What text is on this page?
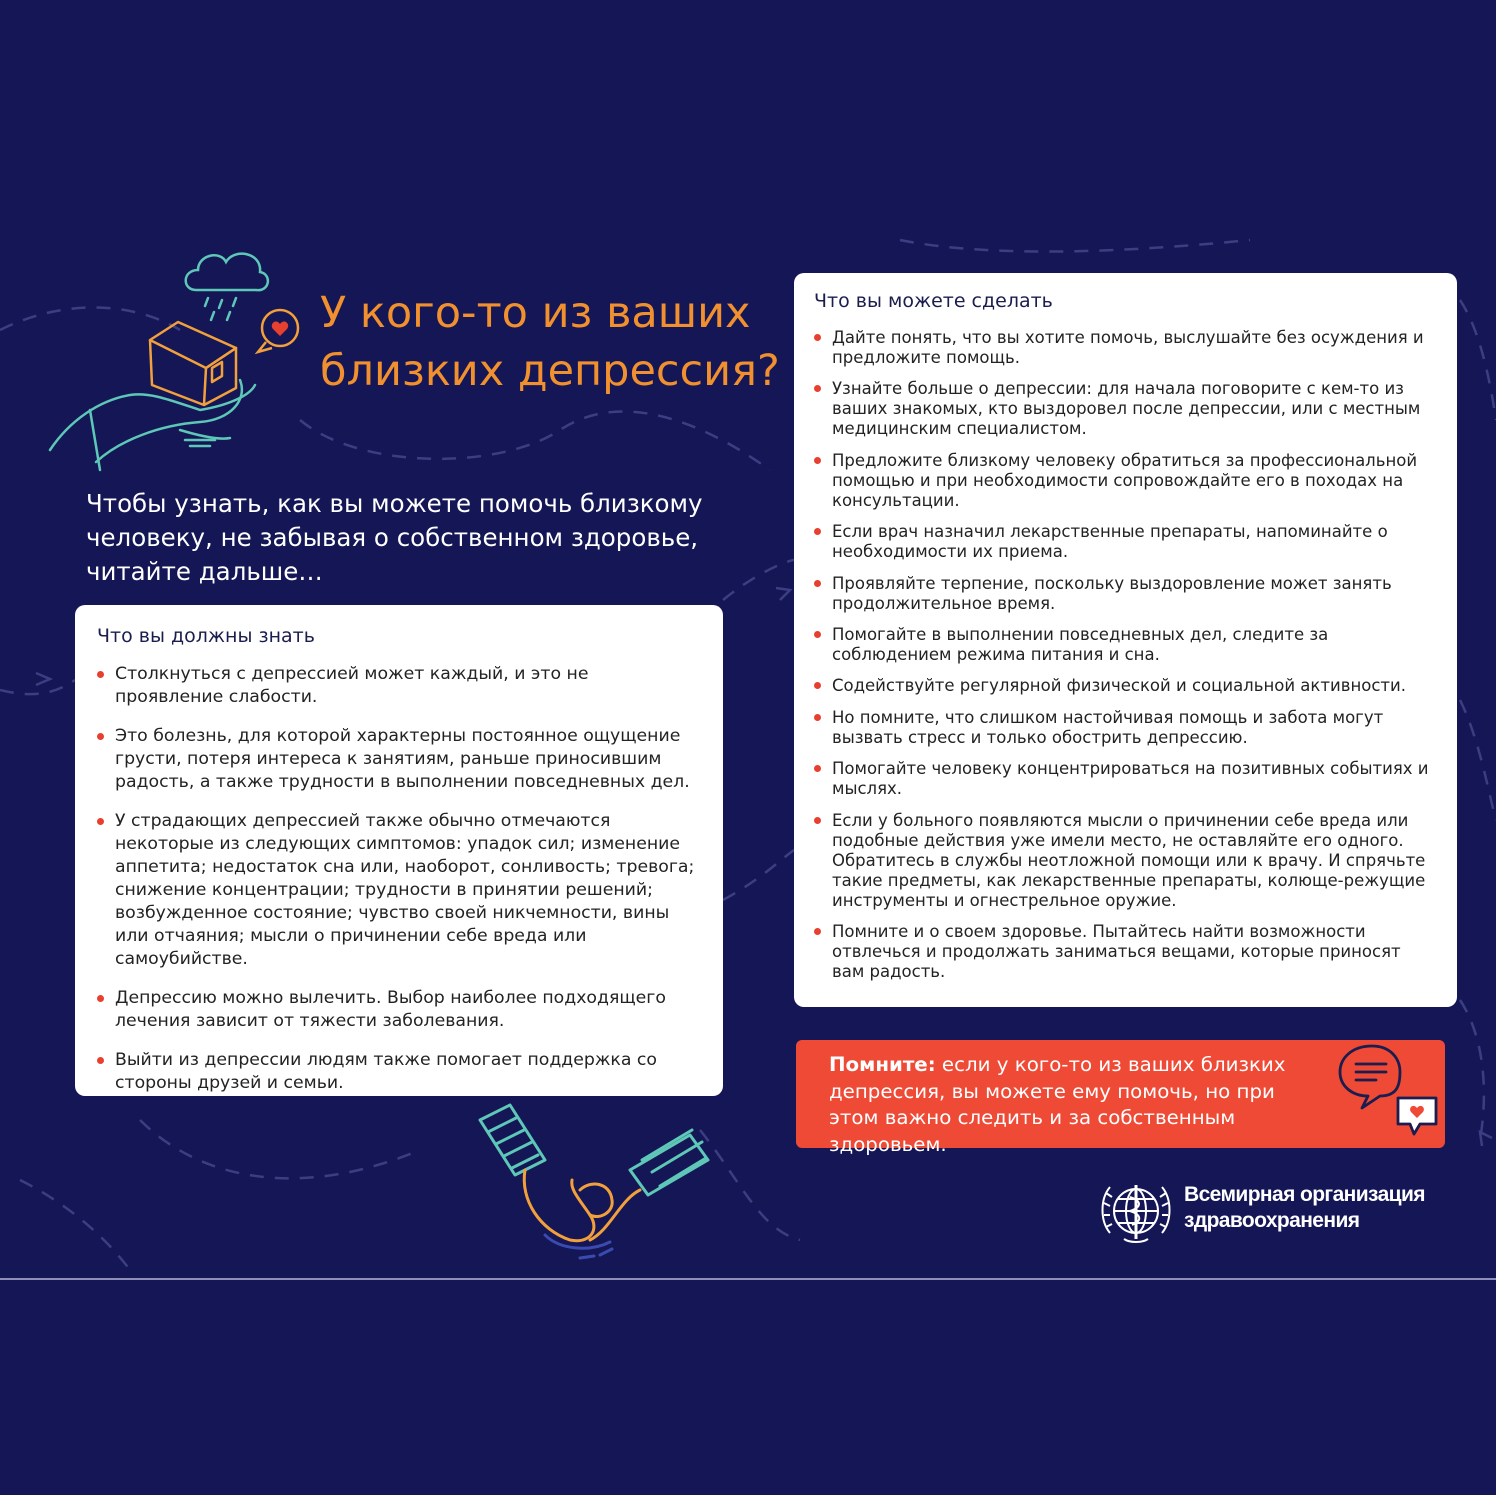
У кого-то из ваших близких депрессия?

Чтобы узнать, как вы можете помочь близкому человеку, не забывая о собственном здоровье, читайте дальше…

Что вы должны знать
Столкнуться с депрессией может каждый, и это не проявление слабости.
Это болезнь, для которой характерны постоянное ощущение грусти, потеря интереса к занятиям, раньше приносившим радость, а также трудности в выполнении повседневных дел.
У страдающих депрессией также обычно отмечаются некоторые из следующих симптомов: упадок сил; изменение аппетита; недостаток сна или, наоборот, сонливость; тревога; снижение концентрации; трудности в принятии решений; возбужденное состояние; чувство своей никчемности, вины или отчаяния; мысли о причинении себе вреда или самоубийстве.
Депрессию можно вылечить. Выбор наиболее подходящего лечения зависит от тяжести заболевания.
Выйти из депрессии людям также помогает поддержка со стороны друзей и семьи.
Что вы можете сделать
Дайте понять, что вы хотите помочь, выслушайте без осуждения и предложите помощь.
Узнайте больше о депрессии: для начала поговорите с кем-то из ваших знакомых, кто выздоровел после депрессии, или с местным медицинским специалистом.
Предложите близкому человеку обратиться за профессиональной помощью и при необходимости сопровождайте его в походах на консультации.
Если врач назначил лекарственные препараты, напоминайте о необходимости их приема.
Проявляйте терпение, поскольку выздоровление может занять продолжительное время.
Помогайте в выполнении повседневных дел, следите за соблюдением режима питания и сна.
Содействуйте регулярной физической и социальной активности.
Но помните, что слишком настойчивая помощь и забота могут вызвать стресс и только обострить депрессию.
Помогайте человеку концентрироваться на позитивных событиях и мыслях.
Если у больного появляются мысли о причинении себе вреда или подобные действия уже имели место, не оставляйте его одного. Обратитесь в службы неотложной помощи или к врачу. И спрячьте такие предметы, как лекарственные препараты, колюще-режущие инструменты и огнестрельное оружие.
Помните и о своем здоровье. Пытайтесь найти возможности отвлечься и продолжать заниматься вещами, которые приносят вам радость.
Помните: если у кого-то из ваших близких депрессия, вы можете ему помочь, но при этом важно следить и за собственным здоровьем.
Всемирная организация
здравоохранения
